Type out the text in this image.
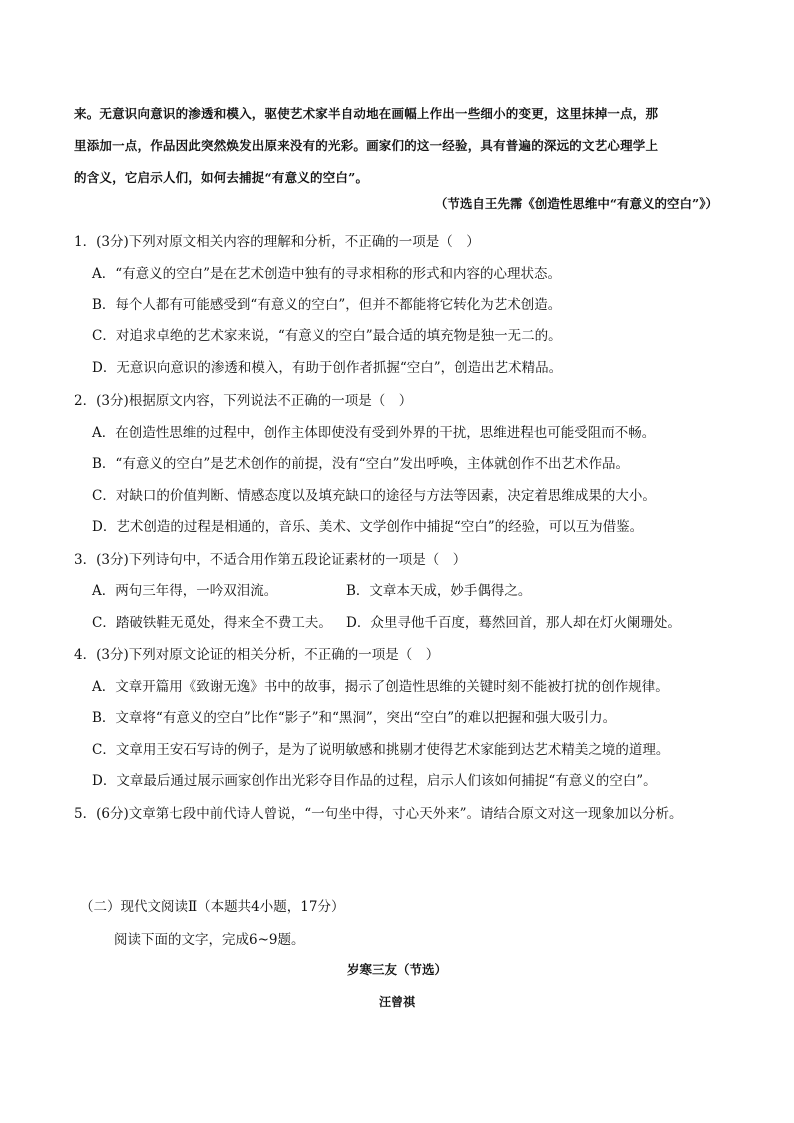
来。无意识向意识的渗透和模入，驱使艺术家半自动地在画幅上作出一些细小的变更，这里抹掉一点，那

里添加一点，作品因此突然焕发出原来没有的光彩。画家们的这一经验，具有普遍的深远的文艺心理学上

的含义，它启示人们，如何去捕捉“有意义的空白”。

（节选自王先霈《创造性思维中“有意义的空白”》）
1．(3分)下列对原文相关内容的理解和分析，不正确的一项是（　）
A．“有意义的空白”是在艺术创造中独有的寻求相称的形式和内容的心理状态。
B．每个人都有可能感受到“有意义的空白”，但并不都能将它转化为艺术创造。
C．对追求卓绝的艺术家来说，“有意义的空白”最合适的填充物是独一无二的。
D．无意识向意识的渗透和模入，有助于创作者抓握“空白”，创造出艺术精品。
2．(3分)根据原文内容，下列说法不正确的一项是（　）
A．在创造性思维的过程中，创作主体即使没有受到外界的干扰，思维进程也可能受阻而不畅。
B．“有意义的空白”是艺术创作的前提，没有“空白”发出呼唤，主体就创作不出艺术作品。
C．对缺口的价值判断、情感态度以及填充缺口的途径与方法等因素，决定着思维成果的大小。
D．艺术创造的过程是相通的，音乐、美术、文学创作中捕捉“空白”的经验，可以互为借鉴。
3．(3分)下列诗句中，不适合用作第五段论证素材的一项是（　）
A．两句三年得，一吟双泪流。	B．文章本天成，妙手偶得之。
C．踏破铁鞋无觅处，得来全不费工夫。 D．众里寻他千百度，蓦然回首，那人却在灯火阑珊处。
4．(3分)下列对原文论证的相关分析，不正确的一项是（　）
A．文章开篇用《致谢无逸》书中的故事，揭示了创造性思维的关键时刻不能被打扰的创作规律。
B．文章将“有意义的空白”比作“影子”和“黑洞”，突出“空白”的难以把握和强大吸引力。
C．文章用王安石写诗的例子，是为了说明敏感和挑剔才使得艺术家能到达艺术精美之境的道理。
D．文章最后通过展示画家创作出光彩夺目作品的过程，启示人们该如何捕捉“有意义的空白”。
5．(6分)文章第七段中前代诗人曾说，“一句坐中得，寸心天外来”。请结合原文对这一现象加以分析。
（二）现代文阅读Ⅱ（本题共4小题，17分）
阅读下面的文字，完成6~9题。
岁寒三友（节选）
汪曾祺
